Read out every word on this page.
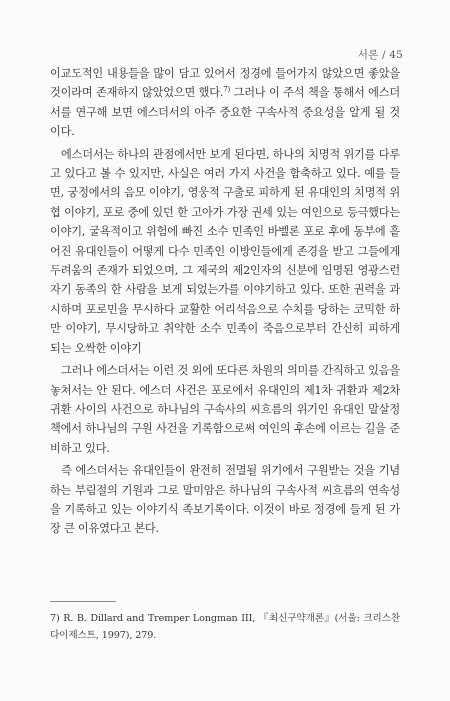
서론 / 45

이교도적인 내용들을 많이 담고 있어서 정경에 들어가지 않았으면 좋았을 것이라며 존재하지 않았었으면 했다.$^{7)}$ 그러나 이 주석 책을 통해서 에스더서를 연구해 보면 에스더서의 아주 중요한 구속사적 중요성을 알게 될 것이다.

에스더서는 하나의 관점에서만 보게 된다면, 하나의 치명적 위기를 다루고 있다고 볼 수 있지만, 사실은 여러 가지 사건을 함축하고 있다. 예를 들면, 궁정에서의 음모 이야기, 영웅적 구출로 피하게 된 유대인의 치명적 위협 이야기, 포로 중에 있던 한 고아가 가장 권세 있는 여인으로 등극했다는 이야기, 굴욕적이고 위험에 빠진 소수 민족인 바벨론 포로 후에 동부에 흩어진 유대인들이 어떻게 다수 민족인 이방인들에게 존경을 받고 그들에게 두려움의 존재가 되었으며, 그 제국의 제2인자의 신분에 임명된 영광스런 자기 동족의 한 사람을 보게 되었는가를 이야기하고 있다. 또한 권력을 과시하며 포로민을 무시하다 교활한 어리석음으로 수치를 당하는 코믹한 하만 이야기, 무시당하고 취약한 소수 민족이 죽음으로부터 간신히 피하게 되는 오싹한 이야기

그러나 에스더서는 이런 것 외에 또다른 차원의 의미를 간직하고 있음을 놓쳐서는 안 된다. 에스더 사건은 포로에서 유대인의 제1차 귀환과 제2차 귀환 사이의 사건으로 하나님의 구속사의 씨흐름의 위기인 유대인 말살정책에서 하나님의 구원 사건을 기록함으로써 여인의 후손에 이르는 길을 준비하고 있다.

즉 에스더서는 유대인들이 완전히 전멸될 위기에서 구원받는 것을 기념하는 부림절의 기원과 그로 말미암은 하나님의 구속사적 씨흐름의 연속성을 기록하고 있는 이야기식 족보기록이다. 이것이 바로 정경에 들게 된 가장 큰 이유였다고 본다.

7) R. B. Dillard and Tremper Longman III, 『최신구약개론』(서울: 크리스찬다이제스트, 1997), 279.
